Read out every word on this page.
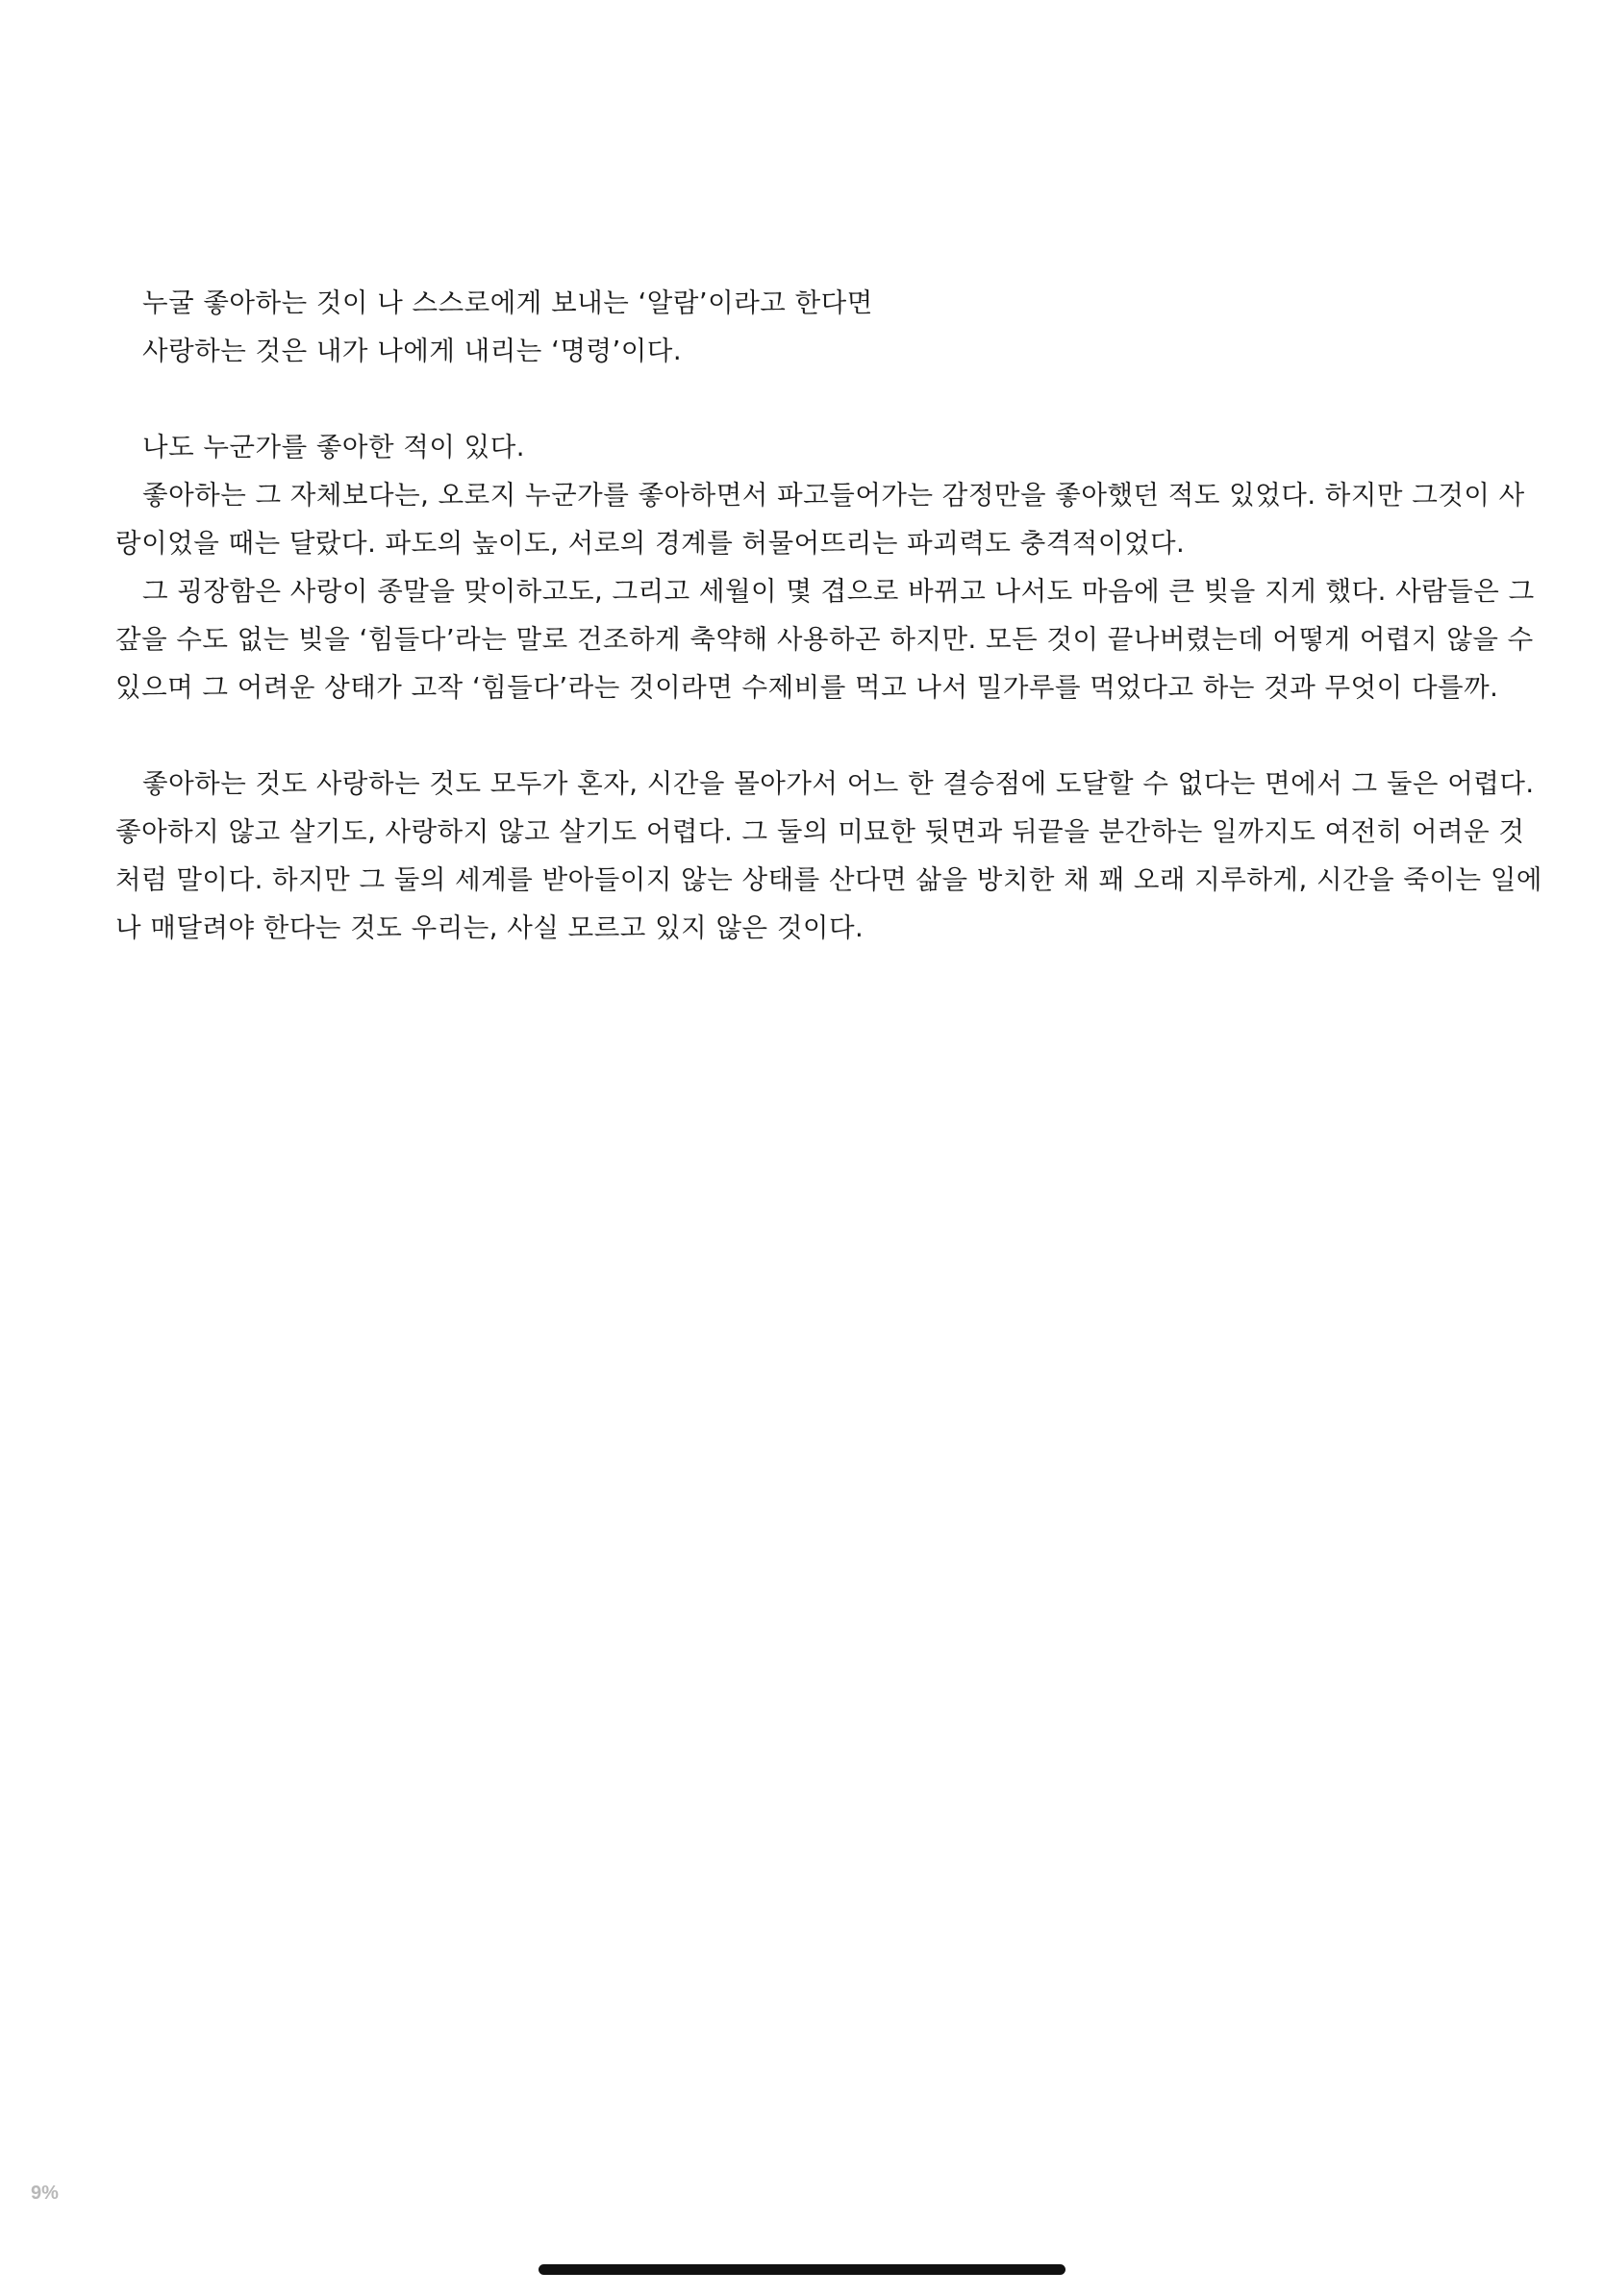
누굴 좋아하는 것이 나 스스로에게 보내는 ‘알람’이라고 한다면

사랑하는 것은 내가 나에게 내리는 ‘명령’이다.

나도 누군가를 좋아한 적이 있다.

좋아하는 그 자체보다는, 오로지 누군가를 좋아하면서 파고들어가는 감정만을 좋아했던 적도 있었다. 하지만 그것이 사

랑이었을 때는 달랐다. 파도의 높이도, 서로의 경계를 허물어뜨리는 파괴력도 충격적이었다.

그 굉장함은 사랑이 종말을 맞이하고도, 그리고 세월이 몇 겹으로 바뀌고 나서도 마음에 큰 빚을 지게 했다. 사람들은 그

갚을 수도 없는 빚을 ‘힘들다’라는 말로 건조하게 축약해 사용하곤 하지만. 모든 것이 끝나버렸는데 어떻게 어렵지 않을 수

있으며 그 어려운 상태가 고작 ‘힘들다’라는 것이라면 수제비를 먹고 나서 밀가루를 먹었다고 하는 것과 무엇이 다를까.

좋아하는 것도 사랑하는 것도 모두가 혼자, 시간을 몰아가서 어느 한 결승점에 도달할 수 없다는 면에서 그 둘은 어렵다.

좋아하지 않고 살기도, 사랑하지 않고 살기도 어렵다. 그 둘의 미묘한 뒷면과 뒤끝을 분간하는 일까지도 여전히 어려운 것

처럼 말이다. 하지만 그 둘의 세계를 받아들이지 않는 상태를 산다면 삶을 방치한 채 꽤 오래 지루하게, 시간을 죽이는 일에

나 매달려야 한다는 것도 우리는, 사실 모르고 있지 않은 것이다.

9%
